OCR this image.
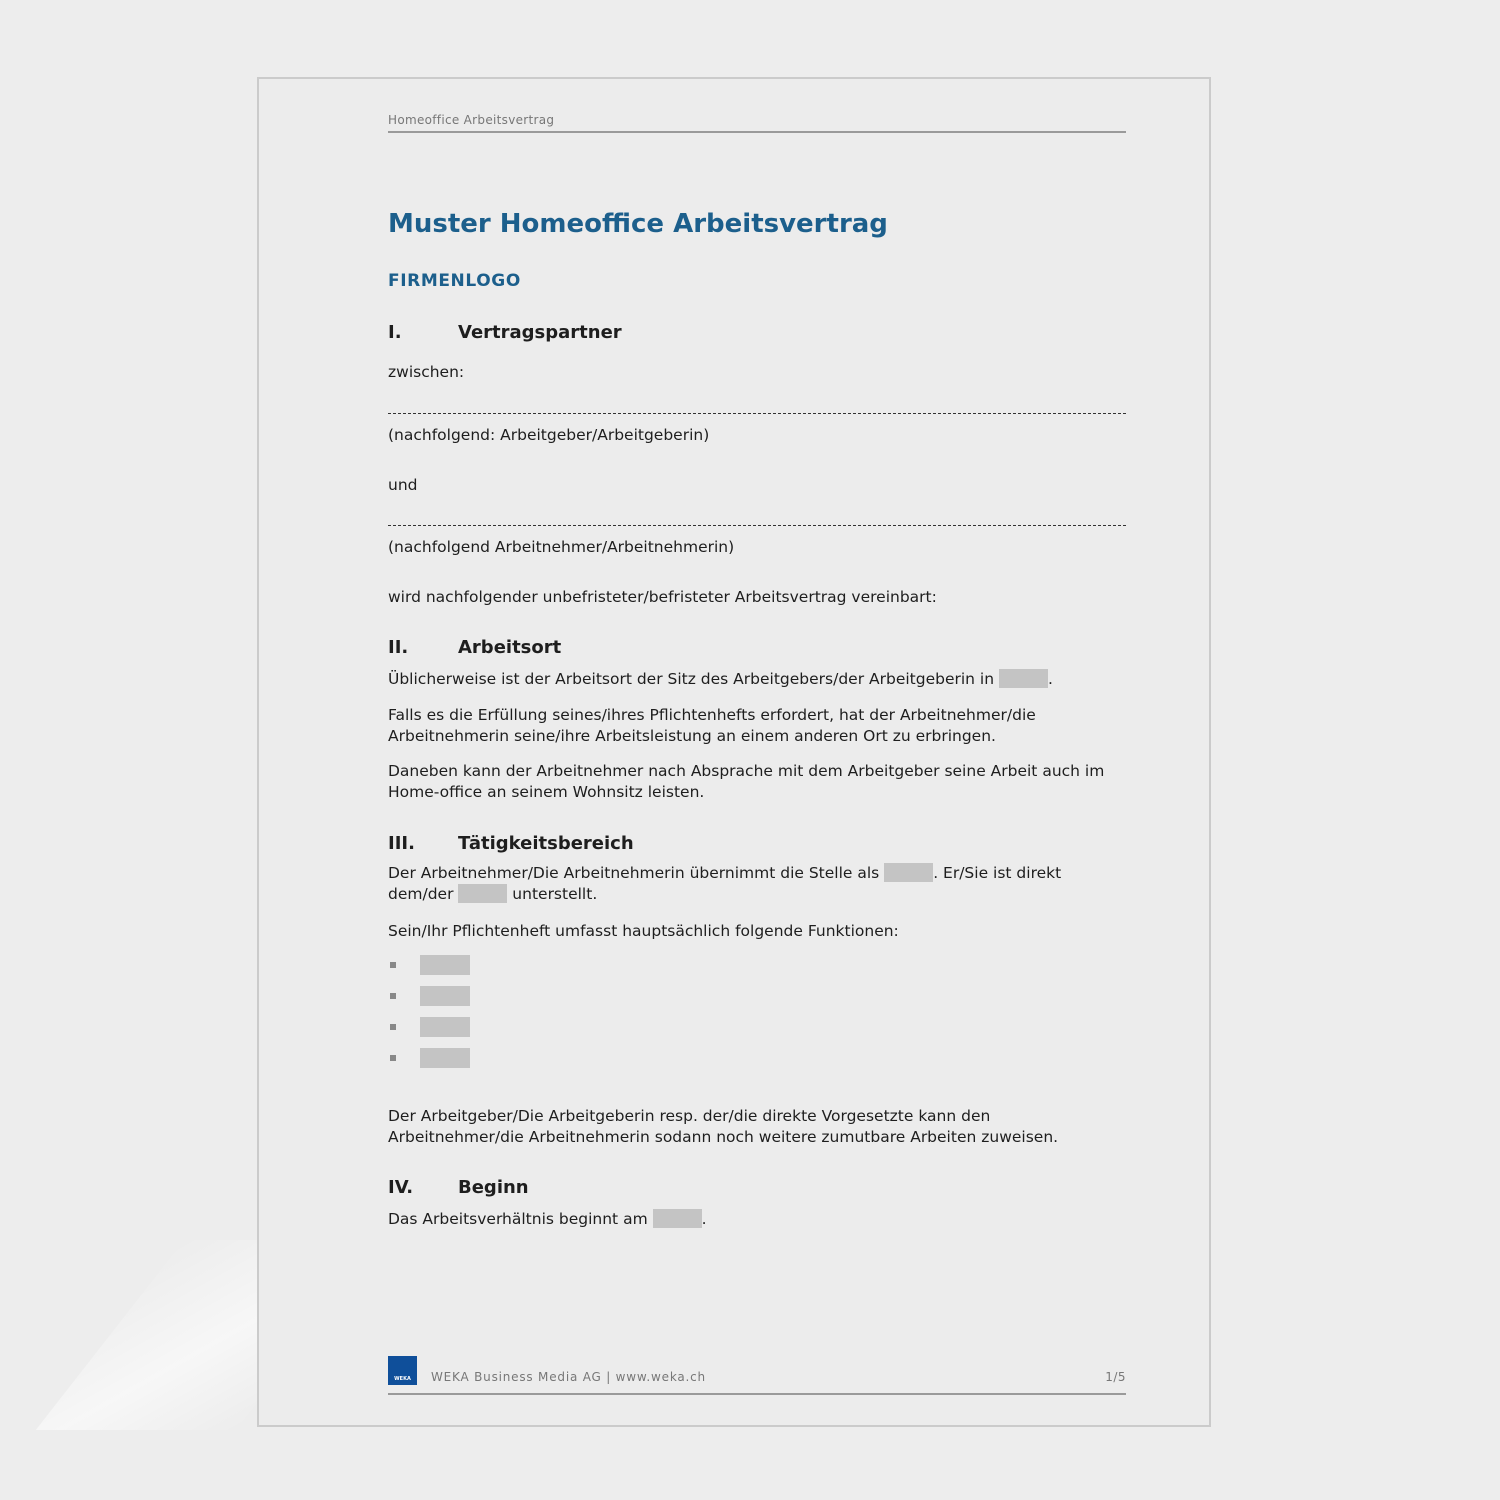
Homeoffice Arbeitsvertrag
Muster Homeoffice Arbeitsvertrag
FIRMENLOGO
I.	Vertragspartner
zwischen:
(nachfolgend: Arbeitgeber/Arbeitgeberin)
und
(nachfolgend Arbeitnehmer/Arbeitnehmerin)
wird nachfolgender unbefristeter/befristeter Arbeitsvertrag vereinbart:
II.	Arbeitsort
Üblicherweise ist der Arbeitsort der Sitz des Arbeitgebers/der Arbeitgeberin in	.
Falls es die Erfüllung seines/ihres Pflichtenhefts erfordert, hat der Arbeitnehmer/die Arbeitnehmerin seine/ihre Arbeitsleistung an einem anderen Ort zu erbringen.
Daneben kann der Arbeitnehmer nach Absprache mit dem Arbeitgeber seine Arbeit auch im Home-office an seinem Wohnsitz leisten.
III. Tätigkeitsbereich
Der Arbeitnehmer/Die Arbeitnehmerin übernimmt die Stelle als	. Er/Sie ist direkt dem/der	unterstellt.
Sein/Ihr Pflichtenheft umfasst hauptsächlich folgende Funktionen:
Der Arbeitgeber/Die Arbeitgeberin resp. der/die direkte Vorgesetzte kann den Arbeitnehmer/die Arbeitnehmerin sodann noch weitere zumutbare Arbeiten zuweisen.
IV. Beginn
Das Arbeitsverhältnis beginnt am	.
WEKA	WEKA Business Media AG | www.weka.ch	1/5
